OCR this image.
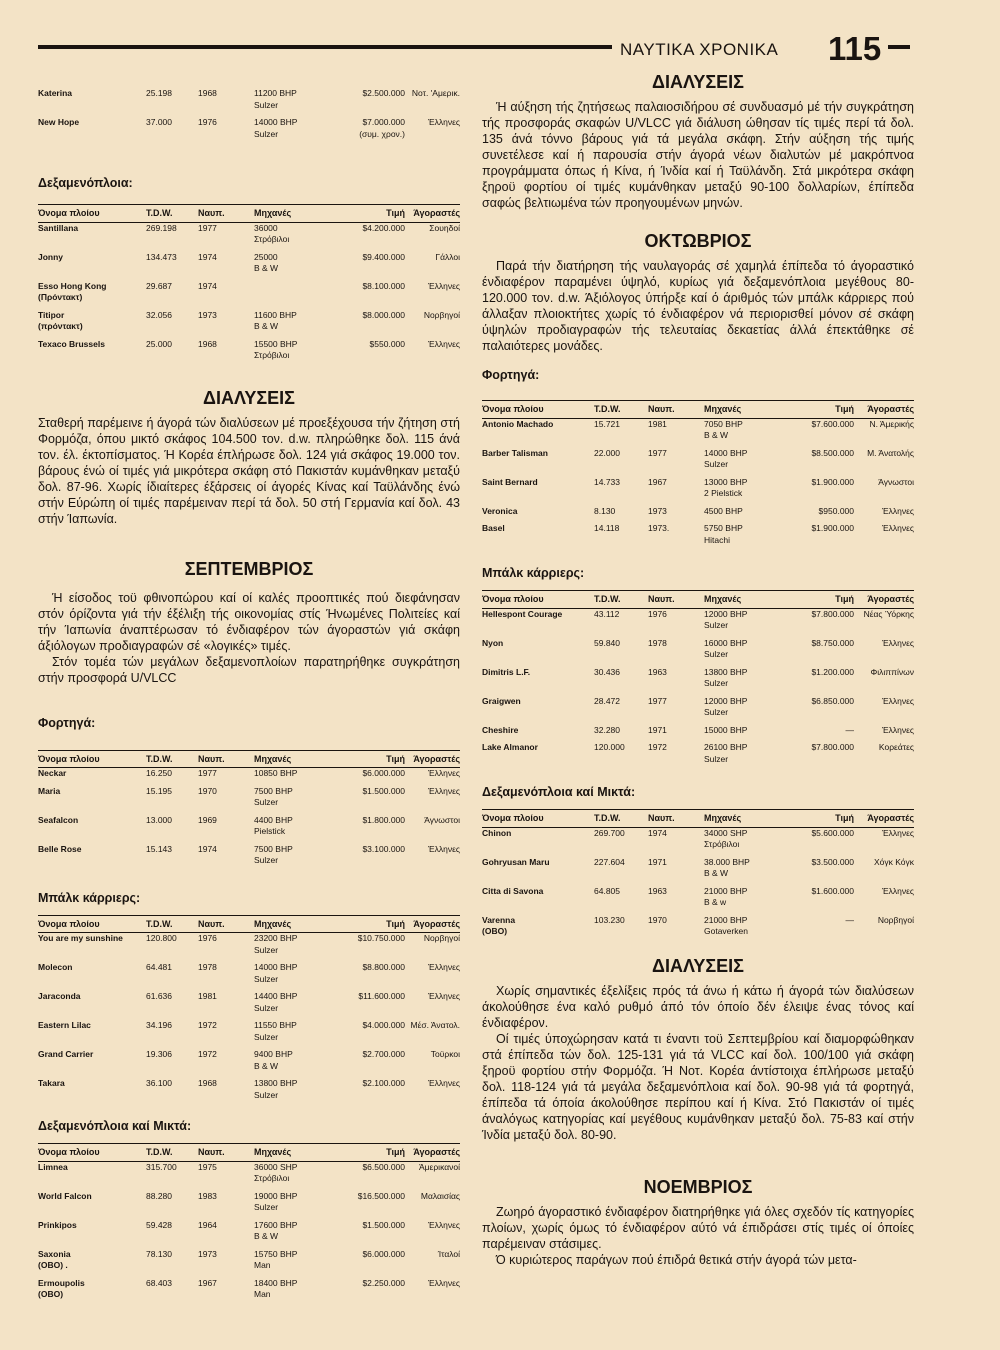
ΝΑΥΤΙΚΑ ΧΡΟΝΙΚΑ 115
Katerina	25.198	1968	11200 BHP	$2.500.000	Νοτ. 'Αμερικ.
			Sulzer		

New Hope	37.000	1976	14000 BHP	$7.000.000	Έλληνες
			Sulzer	(συμ. χρον.)	

Δεξαμενόπλοια:
Όνομα πλοίου	T.D.W.	Ναυπ.	Μηχανές	Τιμή	Άγοραστές
Santillana	269.198	1977	36000	$4.200.000	Σουηδοί
			Στρόβιλοι		

Jonny	134.473	1974	25000	$9.400.000	Γάλλοι
			B & W		

Esso Hong Kong	29.687	1974		$8.100.000	Έλληνες
(Πρόντακτ)					

Titipor	32.056	1973	11600 BHP	$8.000.000	Νορβηγοί
(πρόντακτ)			B & W		

Texaco Brussels	25.000	1968	15500 BHP	$550.000	Έλληνες
			Στρόβιλοι		

ΔΙΑΛΥΣΕΙΣ

Σταθερή παρέμεινε ή άγορά τών διαλύσεων μέ προεξέχουσα τήν ζήτηση στή Φορμόζα, όπου μικτό σκάφος 104.500 τον. d.w. πληρώθηκε δολ. 115 άνά τον. έλ. έκτοπίσματος. Ή Κορέα έπλήρωσε δολ. 124 γιά σκάφος 19.000 τον. βάρους ένώ οί τιμές γιά μικρότερα σκάφη στό Πακιστάν κυμάνθηκαν μεταξύ δολ. 87-96. Χωρίς ίδιαίτερες έξάρσεις οί άγορές Κίνας καί Ταϋλάνδης ένώ στήν Εύρώπη οί τιμές παρέμειναν περί τά δολ. 50 στή Γερμανία καί δολ. 43 στήν Ίαπωνία.

ΣΕΠΤΕΜΒΡΙΟΣ

Ή είσοδος τοϋ φθινοπώρου καί οί καλές προοπτικές πού διεφάνησαν στόν όρίζοντα γιά τήν έξέλιξη τής οικονομίας στίς Ήνωμένες Πολιτείες καί τήν Ίαπωνία άναπτέρωσαν τό ένδιαφέρον τών άγοραστών γιά σκάφη άξιόλογων προδιαγραφών σέ «λογικές» τιμές.

Στόν τομέα τών μεγάλων δεξαμενοπλοίων παρατηρήθηκε συγκράτηση στήν προσφορά U/VLCC

Φορτηγά:
Όνομα πλοίου	T.D.W.	Ναυπ.	Μηχανές	Τιμή	Άγοραστές
Neckar	16.250	1977	10850 BHP	$6.000.000	Έλληνες

Maria	15.195	1970	7500 BHP	$1.500.000	Έλληνες
			Sulzer		

Seafalcon	13.000	1969	4400 BHP	$1.800.000	Άγνωστοι
			Pielstick		

Belle Rose	15.143	1974	7500 BHP	$3.100.000	Έλληνες
			Sulzer		

Μπάλκ κάρριερς:
Όνομα πλοίου	T.D.W.	Ναυπ.	Μηχανές	Τιμή	Άγοραστές
You are my sunshine	120.800	1976	23200 BHP	$10.750.000	Νορβηγοί
			Sulzer		

Molecon	64.481	1978	14000 BHP	$8.800.000	Έλληνες
			Sulzer		

Jaraconda	61.636	1981	14400 BHP	$11.600.000	Έλληνες
			Sulzer		

Eastern Lilac	34.196	1972	11550 BHP	$4.000.000	Μέσ. Άνατολ.
			Sulzer		

Grand Carrier	19.306	1972	9400 BHP	$2.700.000	Τοϋρκοι
			B & W		

Takara	36.100	1968	13800 BHP	$2.100.000	Έλληνες
			Sulzer		

Δεξαμενόπλοια καί Μικτά:
Όνομα πλοίου	T.D.W.	Ναυπ.	Μηχανές	Τιμή	Άγοραστές
Limnea	315.700	1975	36000 SHP	$6.500.000	Άμερικανοί
			Στρόβιλοι		

World Falcon	88.280	1983	19000 BHP	$16.500.000	Μαλαισίας
			Sulzer		

Prinkipos	59.428	1964	17600 BHP	$1.500.000	Έλληνες
			B & W		

Saxonia	78.130	1973	15750 BHP	$6.000.000	Ίταλοί
(OBO) .			Man		

Ermoupolis	68.403	1967	18400 BHP	$2.250.000	Έλληνες
(OBO)			Man		

ΔΙΑΛΥΣΕΙΣ

Ή αύξηση τής ζητήσεως παλαιοσιδήρου σέ συνδυασμό μέ τήν συγκράτηση τής προσφοράς σκαφών U/VLCC γιά διάλυση ώθησαν τίς τιμές περί τά δολ. 135 άνά τόννο βάρους γιά τά μεγάλα σκάφη. Στήν αύξηση τής τιμής συνετέλεσε καί ή παρουσία στήν άγορά νέων διαλυτών μέ μακρόπνοα προγράμματα όπως ή Κίνα, ή Ίνδία καί ή Ταϋλάνδη. Στά μικρότερα σκάφη ξηροϋ φορτίου οί τιμές κυμάνθηκαν μεταξύ 90-100 δολλαρίων, έπίπεδα σαφώς βελτιωμένα τών προηγουμένων μηνών.

ΟΚΤΩΒΡΙΟΣ

Παρά τήν διατήρηση τής ναυλαγοράς σέ χαμηλά έπίπεδα τό άγοραστικό ένδιαφέρον παραμένει ύψηλό, κυρίως γιά δεξαμενόπλοια μεγέθους 80-120.000 τον. d.w. Άξιόλογος ύπήρξε καί ό άριθμός τών μπάλκ κάρριερς πού άλλαξαν πλοιοκτήτες χωρίς τό ένδιαφέρον νά περιορισθεί μόνον σέ σκάφη ύψηλών προδιαγραφών τής τελευταίας δεκαετίας άλλά έπεκτάθηκε σέ παλαιότερες μονάδες.

Φορτηγά:
Όνομα πλοίου	T.D.W.	Ναυπ.	Μηχανές	Τιμή	Άγοραστές
Antonio Machado	15.721	1981	7050 BHP	$7.600.000	Ν. Άμερικής
			B & W		

Barber Talisman	22.000	1977	14000 BHP	$8.500.000	Μ. Άνατολής
			Sulzer		

Saint Bernard	14.733	1967	13000 BHP	$1.900.000	Άγνωστοι
			2 Pielstick		

Veronica	8.130	1973	4500 BHP	$950.000	Έλληνες

Basel	14.118	1973.	5750 BHP	$1.900.000	Έλληνες
			Hitachi		

Μπάλκ κάρριερς:
Όνομα πλοίου	T.D.W.	Ναυπ.	Μηχανές	Τιμή	Άγοραστές
Hellespont Courage	43.112	1976	12000 BHP	$7.800.000	Νέας Ύόρκης
			Sulzer		

Nyon	59.840	1978	16000 BHP	$8.750.000	Έλληνες
			Sulzer		

Dimitris L.F.	30.436	1963	13800 BHP	$1.200.000	Φιλιππίνων
			Sulzer		

Graigwen	28.472	1977	12000 BHP	$6.850.000	Έλληνες
			Sulzer		

Cheshire	32.280	1971	15000 BHP	—	Έλληνες

Lake Almanor	120.000	1972	26100 BHP	$7.800.000	Κορεάτες
			Sulzer		

Δεξαμενόπλοια καί Μικτά:
Όνομα πλοίου	T.D.W.	Ναυπ.	Μηχανές	Τιμή	Άγοραστές
Chinon	269.700	1974	34000 SHP	$5.600.000	Έλληνες
			Στρόβιλοι		

Gohryusan Maru	227.604	1971	38.000 BHP	$3.500.000	Χόγκ Κόγκ
			B & W		

Citta di Savona	64.805	1963	21000 BHP	$1.600.000	Έλληνες
			B & w		

Varenna	103.230	1970	21000 BHP	—	Νορβηγοί
(OBO)			Gotaverken		

ΔΙΑΛΥΣΕΙΣ

Χωρίς σημαντικές έξελίξεις πρός τά άνω ή κάτω ή άγορά τών διαλύσεων άκολούθησε ένα καλό ρυθμό άπό τόν όποίο δέν έλειψε ένας τόνος καί ένδιαφέρον.

Οί τιμές ύποχώρησαν κατά τι έναντι τοϋ Σεπτεμβρίου καί διαμορφώθηκαν στά έπίπεδα τών δολ. 125-131 γιά τά VLCC καί δολ. 100/100 γιά σκάφη ξηροϋ φορτίου στήν Φορμόζα. Ή Νοτ. Κορέα άντίστοιχα έπλήρωσε μεταξύ δολ. 118-124 γιά τά μεγάλα δεξαμενόπλοια καί δολ. 90-98 γιά τά φορτηγά, έπίπεδα τά όποία άκολούθησε περίπου καί ή Κίνα. Στό Πακιστάν οί τιμές άναλόγως κατηγορίας καί μεγέθους κυμάνθηκαν μεταξύ δολ. 75-83 καί στήν Ίνδία μεταξύ δολ. 80-90.

ΝΟΕΜΒΡΙΟΣ

Ζωηρό άγοραστικό ένδιαφέρον διατηρήθηκε γιά όλες σχεδόν τίς κατηγορίες πλοίων, χωρίς όμως τό ένδιαφέρον αύτό νά έπιδράσει στίς τιμές οί όποίες παρέμειναν στάσιμες.

Ό κυριώτερος παράγων πού έπιδρά θετικά στήν άγορά τών μετα-
